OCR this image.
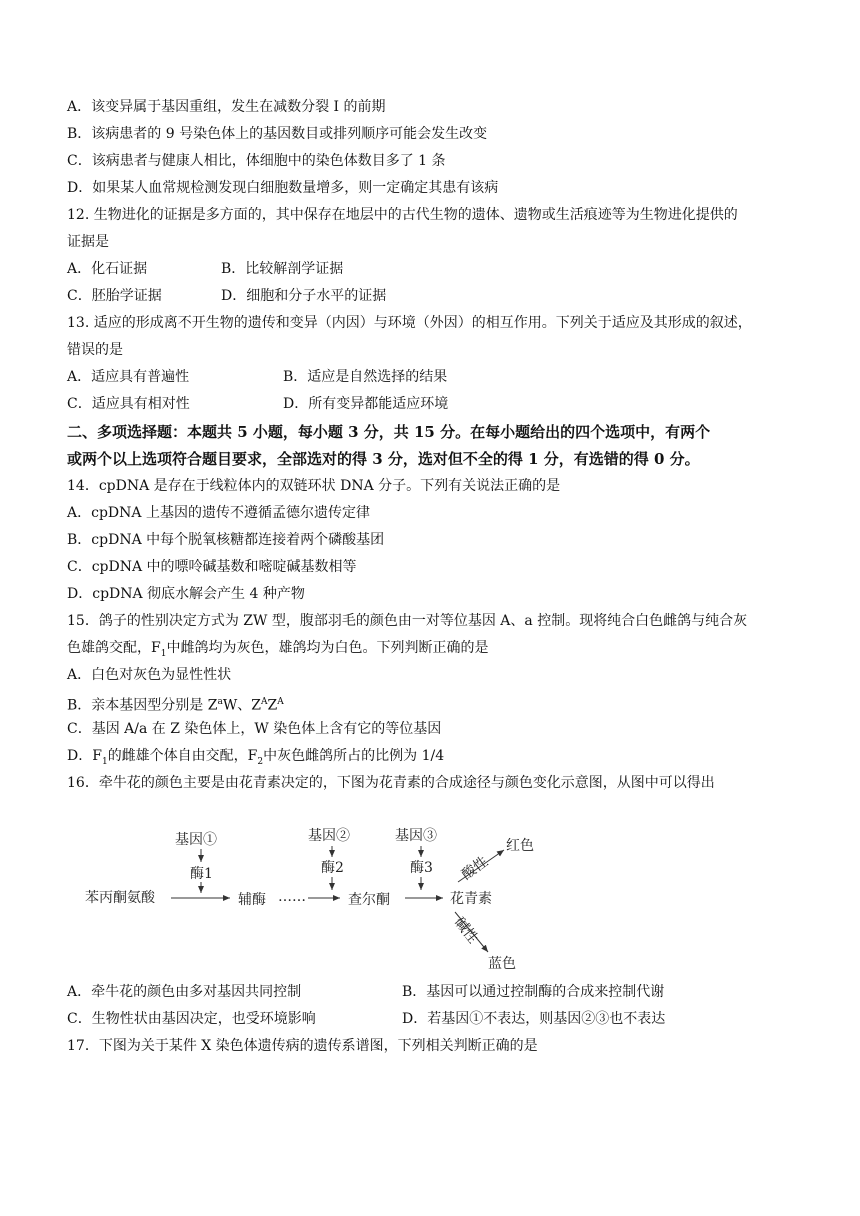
A．该变异属于基因重组，发生在减数分裂 I 的前期
B．该病患者的 9 号染色体上的基因数目或排列顺序可能会发生改变
C．该病患者与健康人相比，体细胞中的染色体数目多了 1 条
D．如果某人血常规检测发现白细胞数量增多，则一定确定其患有该病
12. 生物进化的证据是多方面的，其中保存在地层中的古代生物的遗体、遗物或生活痕迹等为生物进化提供的
证据是
A．化石证据	B．比较解剖学证据
C．胚胎学证据	D．细胞和分子水平的证据
13. 适应的形成离不开生物的遗传和变异（内因）与环境（外因）的相互作用。下列关于适应及其形成的叙述，
错误的是
A．适应具有普遍性	B．适应是自然选择的结果
C．适应具有相对性	D．所有变异都能适应环境
二、多项选择题：本题共 5 小题，每小题 3 分，共 15 分。在每小题给出的四个选项中，有两个
或两个以上选项符合题目要求，全部选对的得 3 分，选对但不全的得 1 分，有选错的得 0 分。
14．cpDNA 是存在于线粒体内的双链环状 DNA 分子。下列有关说法正确的是
A．cpDNA 上基因的遗传不遵循孟德尔遗传定律
B．cpDNA 中每个脱氧核糖都连接着两个磷酸基团
C．cpDNA 中的嘌呤碱基数和嘧啶碱基数相等
D．cpDNA 彻底水解会产生 4 种产物
15．鸽子的性别决定方式为 ZW 型，腹部羽毛的颜色由一对等位基因 A、a 控制。现将纯合白色雌鸽与纯合灰
色雄鸽交配，$F_1$中雌鸽均为灰色，雄鸽均为白色。下列判断正确的是
A．白色对灰色为显性性状
B．亲本基因型分别是 $Z^aW$、$Z^AZ^A$
C．基因 A/a 在 Z 染色体上，W 染色体上含有它的等位基因
D．$F_1$的雌雄个体自由交配，$F_2$中灰色雌鸽所占的比例为 1/4
16．牵牛花的颜色主要是由花青素决定的，下图为花青素的合成途径与颜色变化示意图，从图中可以得出
基因①
酶1
基因②
酶2
基因③
酶3
苯丙酮氨酸	辅酶 ……	查尔酮	花青素
酸性
红色
碱性
蓝色
A．牵牛花的颜色由多对基因共同控制	B．基因可以通过控制酶的合成来控制代谢
C．生物性状由基因决定，也受环境影响	D．若基因①不表达，则基因②③也不表达
17．下图为关于某件 X 染色体遗传病的遗传系谱图，下列相关判断正确的是
